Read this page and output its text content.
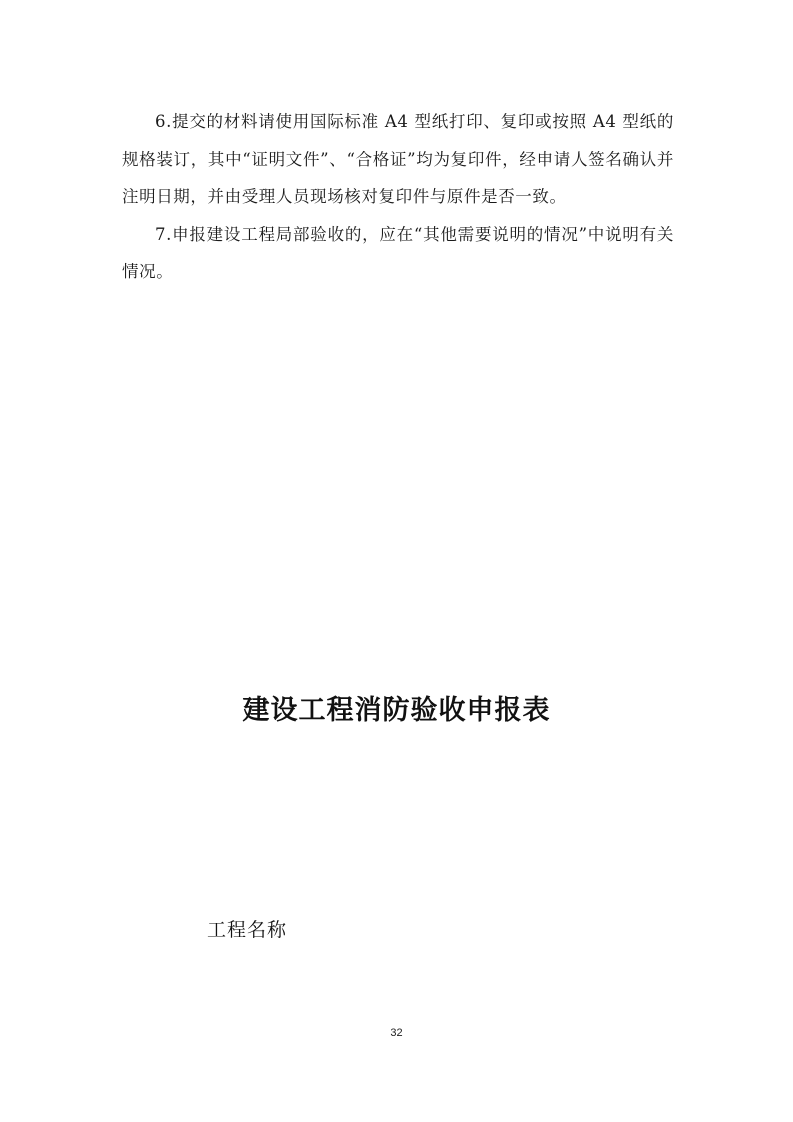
6.提交的材料请使用国际标准 A4 型纸打印、复印或按照 A4 型纸的规格装订，其中“证明文件”、“合格证”均为复印件，经申请人签名确认并注明日期，并由受理人员现场核对复印件与原件是否一致。

7.申报建设工程局部验收的，应在“其他需要说明的情况”中说明有关情况。

建设工程消防验收申报表
工程名称
32
